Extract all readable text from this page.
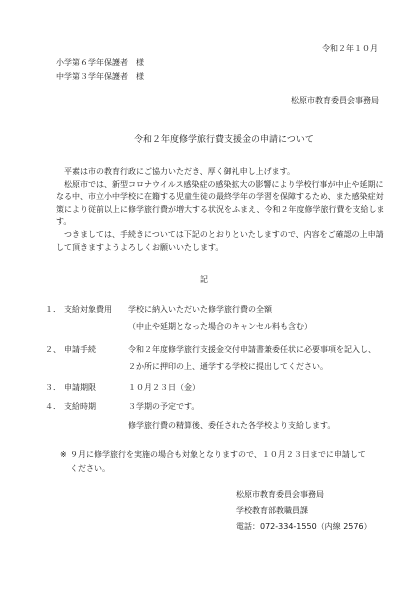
令和２年１０月
小学第６学年保護者　様
中学第３学年保護者　様
松原市教育委員会事務局
令和２年度修学旅行費支援金の申請について

平素は市の教育行政にご協力いただき、厚く御礼申し上げます。

松原市では、新型コロナウイルス感染症の感染拡大の影響により学校行事が中止や延期になる中、市立小中学校に在籍する児童生徒の最終学年の学習を保障するため、また感染症対策により従前以上に修学旅行費が増大する状況をふまえ、令和２年度修学旅行費を支給します。

つきましては、手続きについては下記のとおりといたしますので、内容をご確認の上申請して頂きますようよろしくお願いいたします。

記
１． 支給対象費用 学校に納入いただいた修学旅行費の全額
（中止や延期となった場合のキャンセル料も含む）
２、 申請手続	令和２年度修学旅行支援金交付申請書兼委任状に必要事項を記入し、
２か所に押印の上、通学する学校に提出してください。
３． 申請期限	１０月２３日（金）
４． 支給時期	３学期の予定です。
修学旅行費の精算後、委任された各学校より支給します。
※ ９月に修学旅行を実施の場合も対象となりますので、１０月２３日までに申請して
ください。
松原市教育委員会事務局
学校教育部教職員課
電話：072-334-1550（内線 2576）
